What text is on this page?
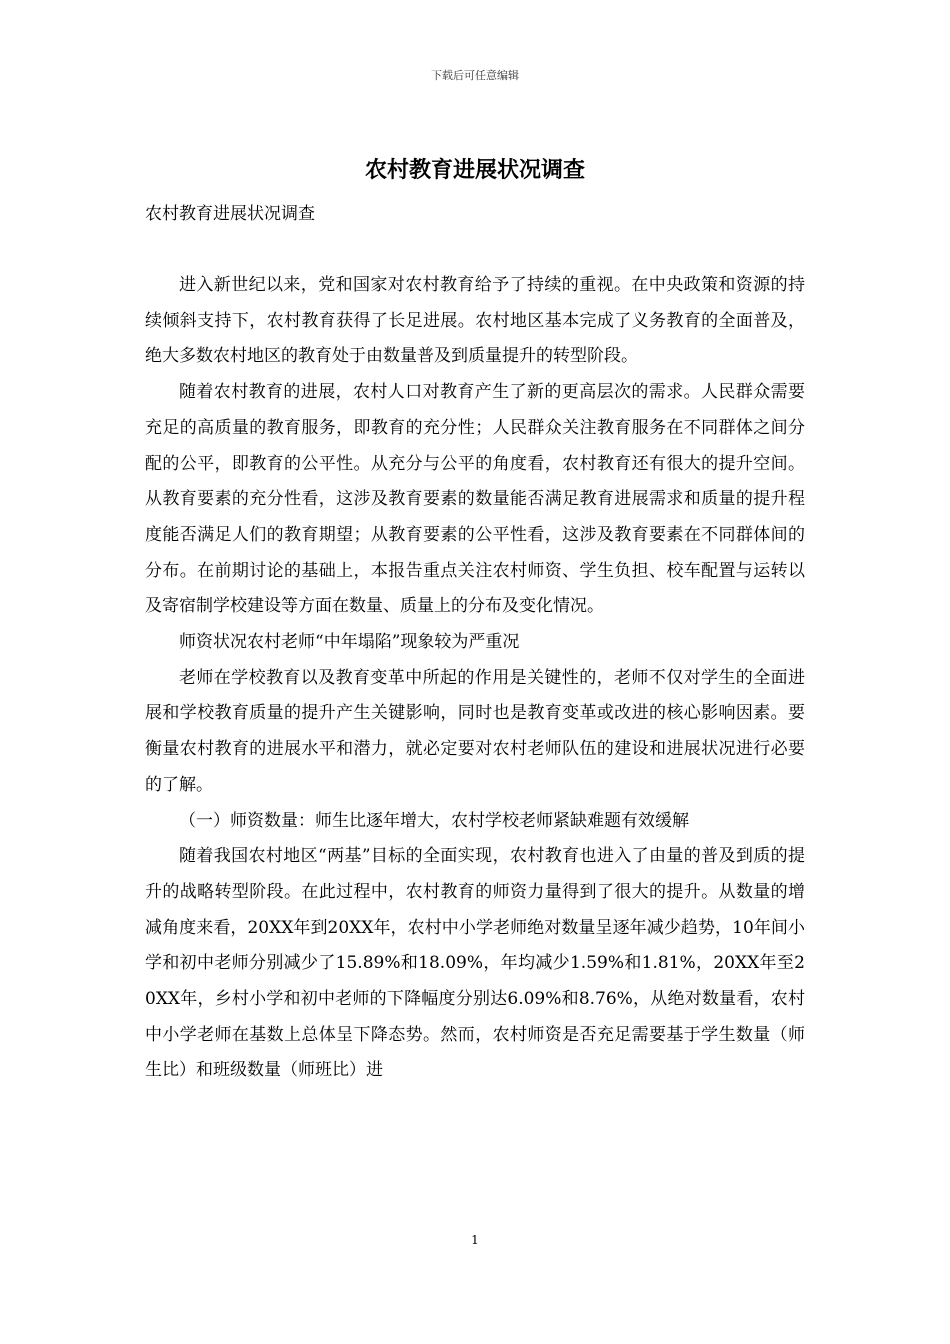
下载后可任意编辑
农村教育进展状况调查
农村教育进展状况调查

进入新世纪以来，党和国家对农村教育给予了持续的重视。在中央政策和资源的持续倾斜支持下，农村教育获得了长足进展。农村地区基本完成了义务教育的全面普及，绝大多数农村地区的教育处于由数量普及到质量提升的转型阶段。

随着农村教育的进展，农村人口对教育产生了新的更高层次的需求。人民群众需要充足的高质量的教育服务，即教育的充分性；人民群众关注教育服务在不同群体之间分配的公平，即教育的公平性。从充分与公平的角度看，农村教育还有很大的提升空间。从教育要素的充分性看，这涉及教育要素的数量能否满足教育进展需求和质量的提升程度能否满足人们的教育期望；从教育要素的公平性看，这涉及教育要素在不同群体间的分布。在前期讨论的基础上，本报告重点关注农村师资、学生负担、校车配置与运转以及寄宿制学校建设等方面在数量、质量上的分布及变化情况。

师资状况农村老师“中年塌陷”现象较为严重况

老师在学校教育以及教育变革中所起的作用是关键性的，老师不仅对学生的全面进展和学校教育质量的提升产生关键影响，同时也是教育变革或改进的核心影响因素。要衡量农村教育的进展水平和潜力，就必定要对农村老师队伍的建设和进展状况进行必要的了解。

（一）师资数量：师生比逐年增大，农村学校老师紧缺难题有效缓解

随着我国农村地区“两基”目标的全面实现，农村教育也进入了由量的普及到质的提升的战略转型阶段。在此过程中，农村教育的师资力量得到了很大的提升。从数量的增减角度来看，20XX年到20XX年，农村中小学老师绝对数量呈逐年减少趋势，10年间小学和初中老师分别减少了15.89%和18.09%，年均减少1.59%和1.81%，20XX年至20XX年，乡村小学和初中老师的下降幅度分别达6.09%和8.76%，从绝对数量看，农村中小学老师在基数上总体呈下降态势。然而，农村师资是否充足需要基于学生数量（师生比）和班级数量（师班比）进

1
